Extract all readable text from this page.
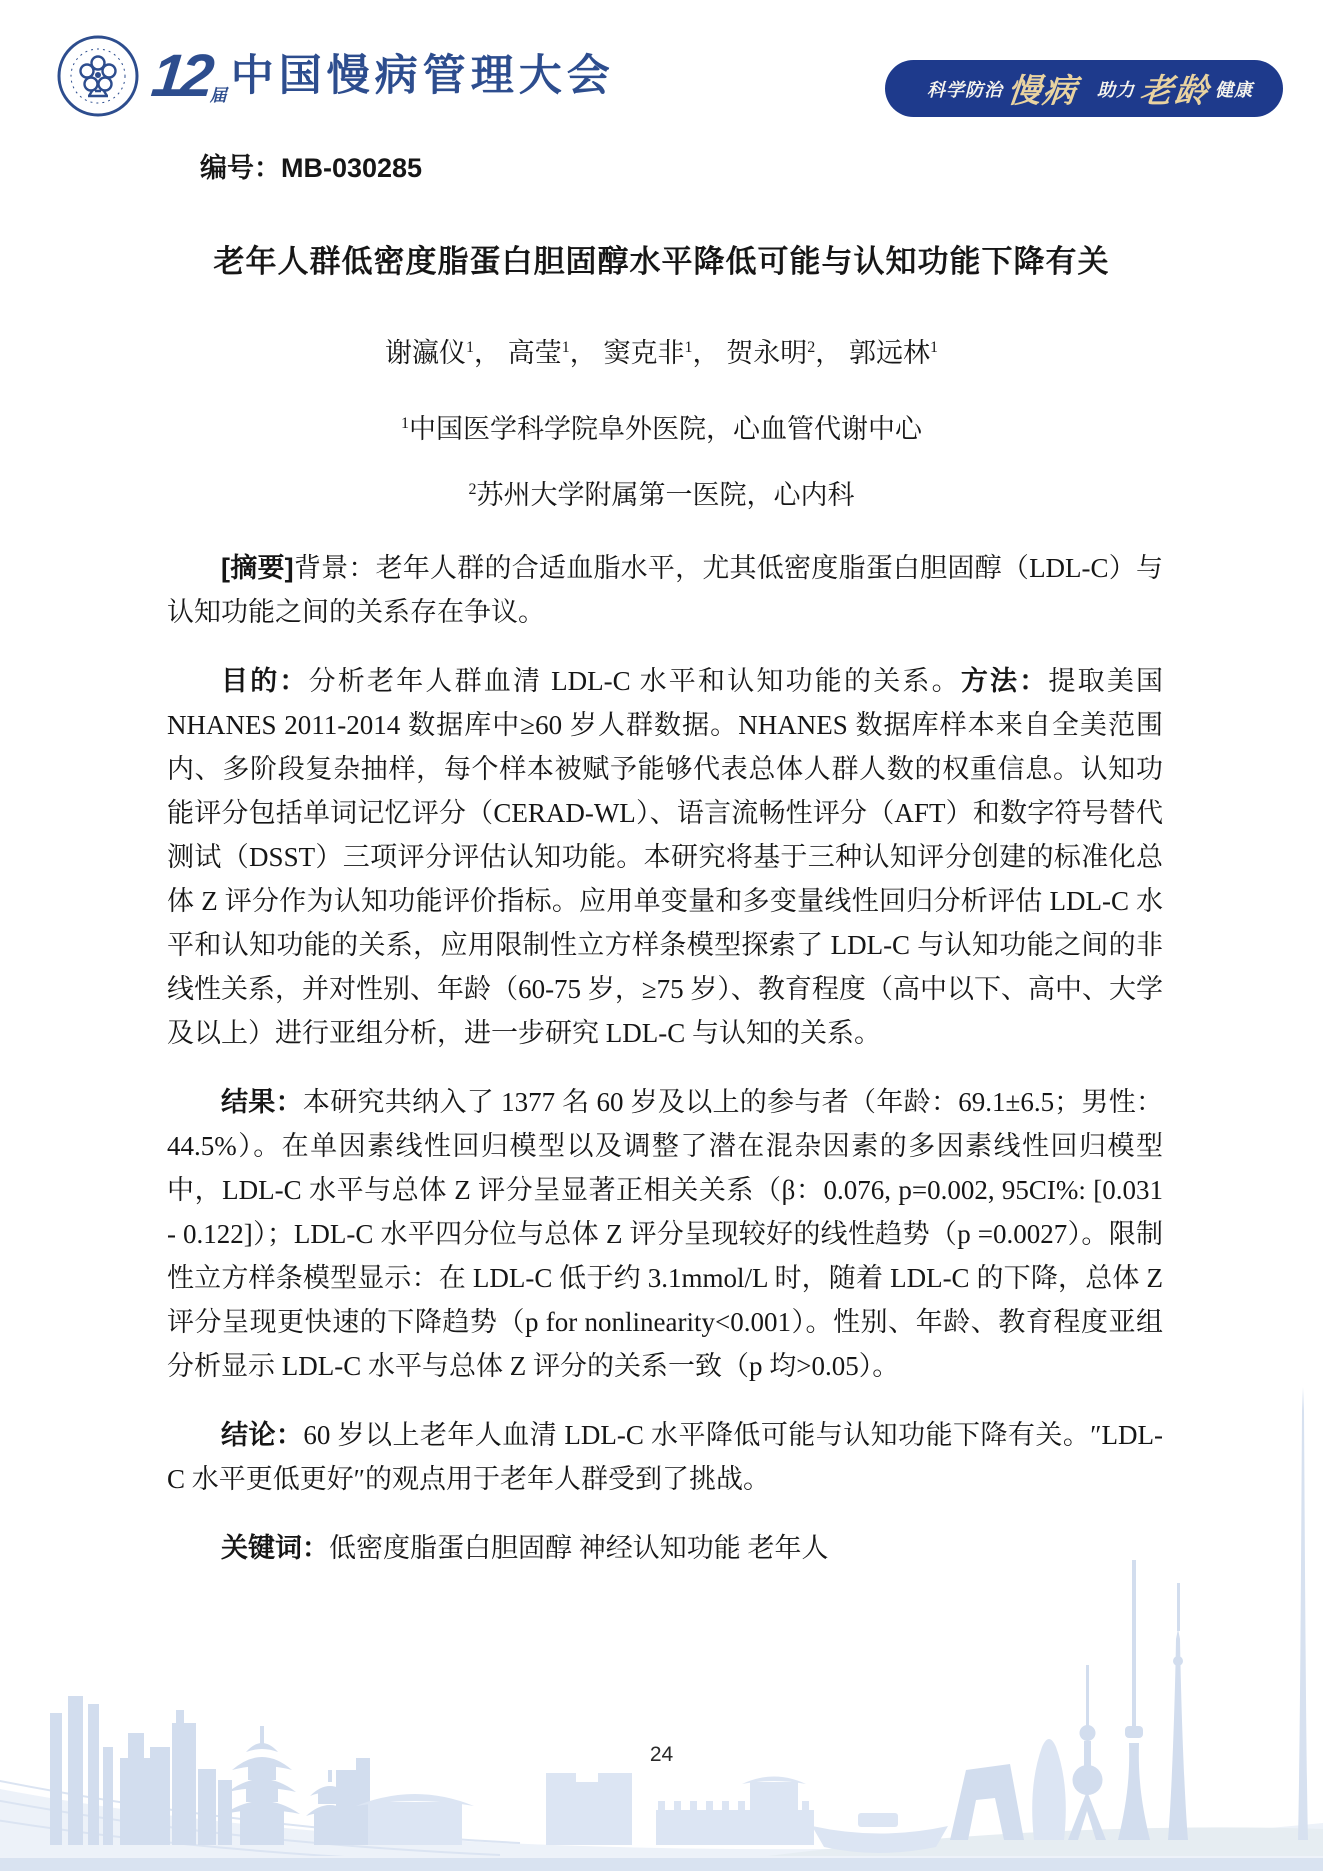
12
届 中国慢病管理大会	科学防治 慢病 助力 老龄 健康
编号：MB-030285
老年人群低密度脂蛋白胆固醇水平降低可能与认知功能下降有关
谢瀛仪$^1$， 高莹$^1$， 窦克非$^1$， 贺永明$^2$， 郭远林$^1$
$^1$中国医学科学院阜外医院，心血管代谢中心
$^2$苏州大学附属第一医院，心内科

[摘要]背景：老年人群的合适血脂水平，尤其低密度脂蛋白胆固醇（LDL-C）与认知功能之间的关系存在争议。

目的：分析老年人群血清 LDL-C 水平和认知功能的关系。方法：提取美国NHANES 2011-2014 数据库中≥60 岁人群数据。NHANES 数据库样本来自全美范围内、多阶段复杂抽样，每个样本被赋予能够代表总体人群人数的权重信息。认知功能评分包括单词记忆评分（CERAD-WL）、语言流畅性评分（AFT）和数字符号替代测试（DSST）三项评分评估认知功能。本研究将基于三种认知评分创建的标准化总体 Z 评分作为认知功能评价指标。应用单变量和多变量线性回归分析评估 LDL-C 水平和认知功能的关系，应用限制性立方样条模型探索了 LDL-C 与认知功能之间的非线性关系，并对性别、年龄（60-75 岁，≥75 岁）、教育程度（高中以下、高中、大学及以上）进行亚组分析，进一步研究 LDL-C 与认知的关系。

结果：本研究共纳入了 1377 名 60 岁及以上的参与者（年龄：69.1±6.5；男性：44.5%）。在单因素线性回归模型以及调整了潜在混杂因素的多因素线性回归模型中，LDL-C 水平与总体 Z 评分呈显著正相关关系（β：0.076, p=0.002, 95CI%: [0.031 - 0.122]）；LDL-C 水平四分位与总体 Z 评分呈现较好的线性趋势（p =0.0027）。限制性立方样条模型显示：在 LDL-C 低于约 3.1mmol/L 时，随着 LDL-C 的下降，总体 Z 评分呈现更快速的下降趋势（p for nonlinearity<0.001）。性别、年龄、教育程度亚组分析显示 LDL-C 水平与总体 Z 评分的关系一致（p 均>0.05）。

结论：60 岁以上老年人血清 LDL-C 水平降低可能与认知功能下降有关。″LDL-C 水平更低更好″的观点用于老年人群受到了挑战。

关键词：低密度脂蛋白胆固醇 神经认知功能 老年人

24
